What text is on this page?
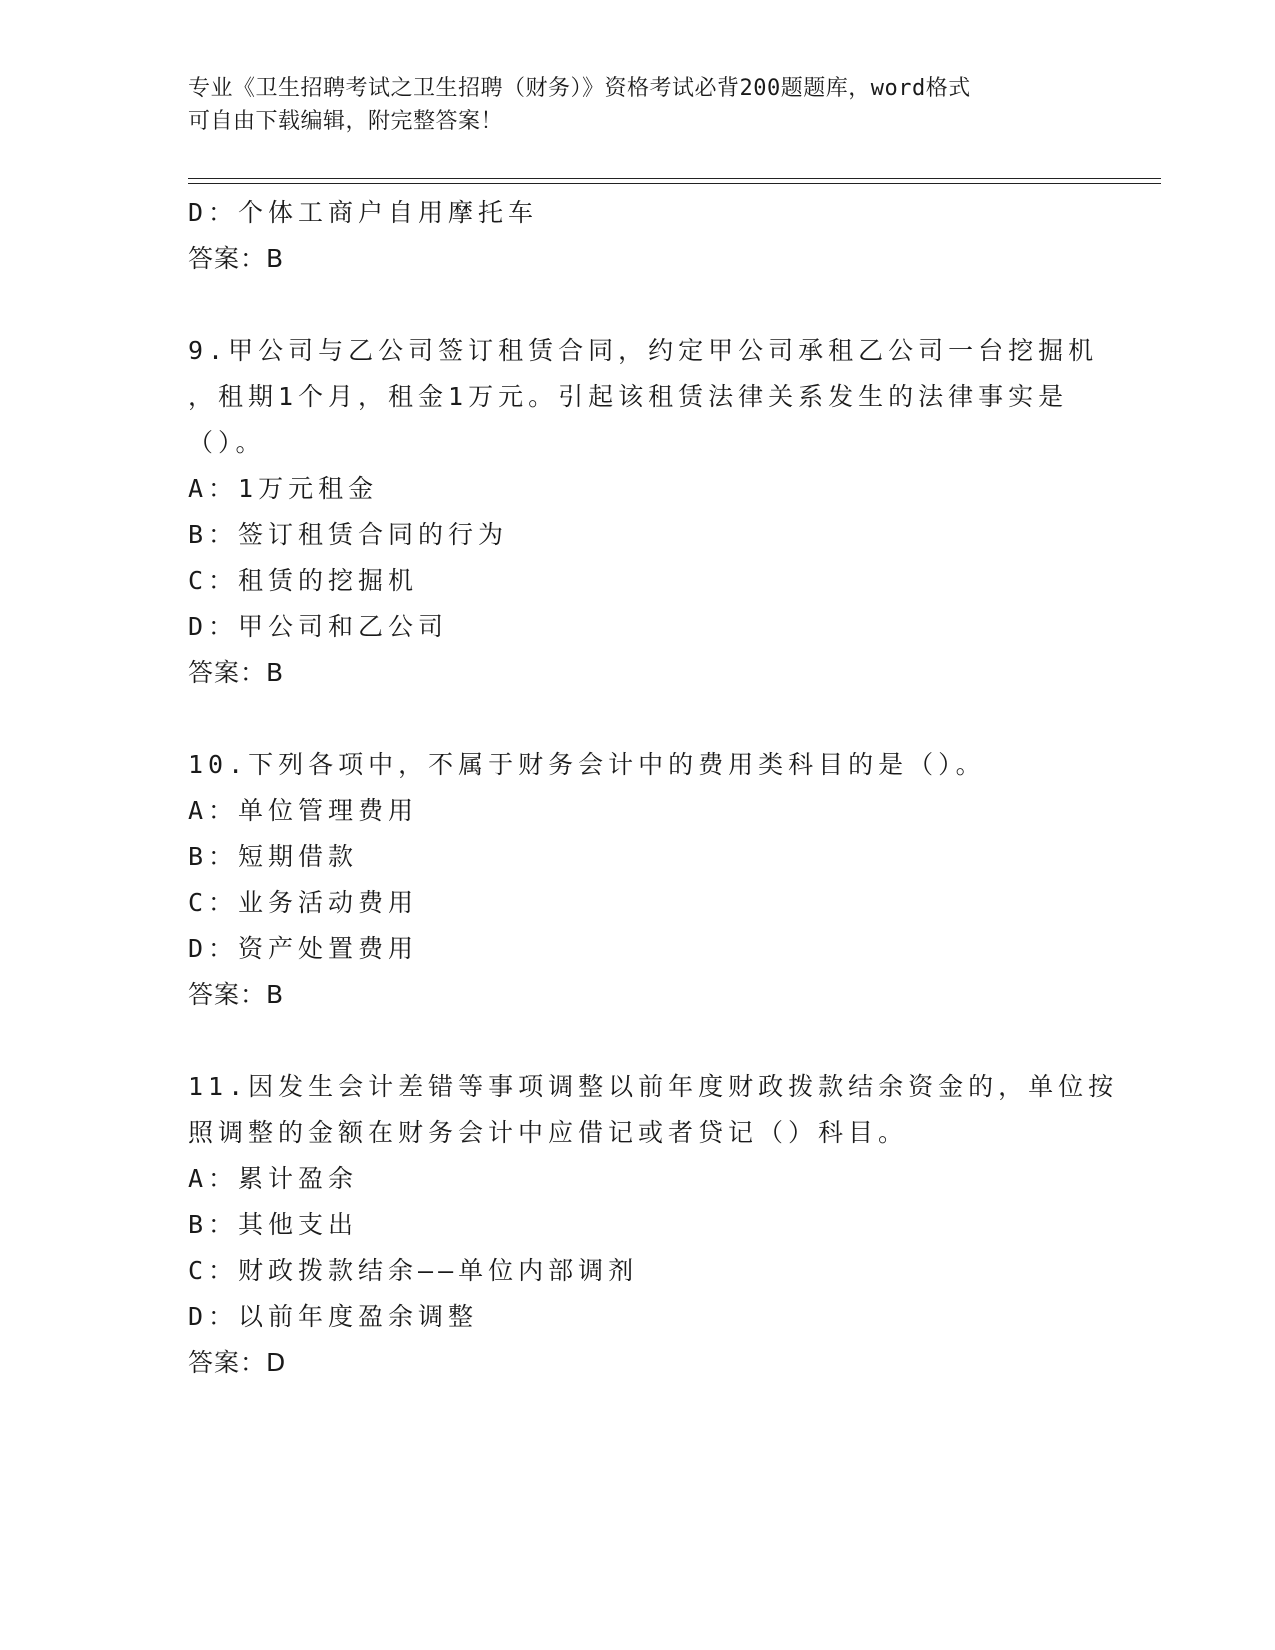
专业《卫生招聘考试之卫生招聘（财务）》资格考试必背200题题库，word格式
可自由下载编辑，附完整答案！
D：个体工商户自用摩托车
答案：B
9.甲公司与乙公司签订租赁合同，约定甲公司承租乙公司一台挖掘机
，租期1个月，租金1万元。引起该租赁法律关系发生的法律事实是
（）。
A：1万元租金
B：签订租赁合同的行为
C：租赁的挖掘机
D：甲公司和乙公司
答案：B
10.下列各项中，不属于财务会计中的费用类科目的是（）。
A：单位管理费用
B：短期借款
C：业务活动费用
D：资产处置费用
答案：B
11.因发生会计差错等事项调整以前年度财政拨款结余资金的，单位按
照调整的金额在财务会计中应借记或者贷记（）科目。
A：累计盈余
B：其他支出
C：财政拨款结余——单位内部调剂
D：以前年度盈余调整
答案：D
